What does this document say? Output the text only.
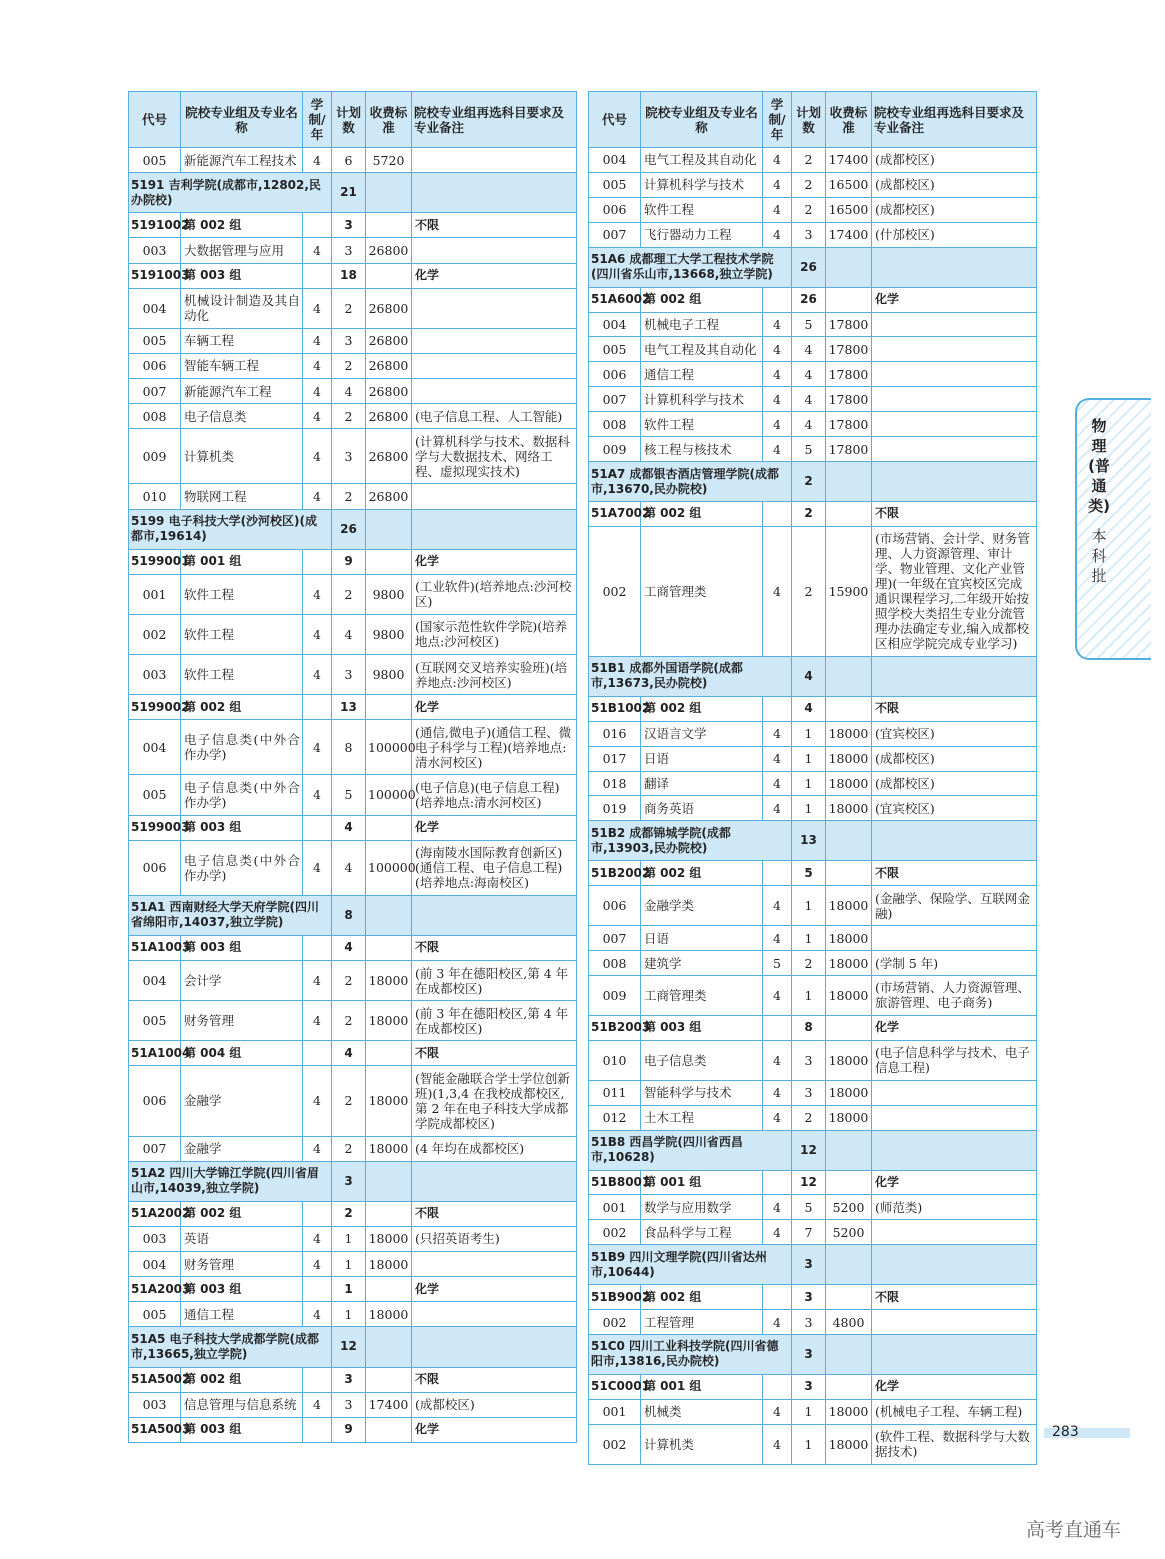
代号	院校专业组及专业名称	学制/年	计划数	收费标准	院校专业组再选科目要求及专业备注
005	新能源汽车工程技术	4	6	5720	
5191 吉利学院(成都市,12802,民办院校)			21		
5191002	第 002 组		3		不限
003	大数据管理与应用	4	3	26800	
5191003	第 003 组		18		化学
004	机械设计制造及其自动化	4	2	26800	
005	车辆工程	4	3	26800	
006	智能车辆工程	4	2	26800	
007	新能源汽车工程	4	4	26800	
008	电子信息类	4	2	26800	(电子信息工程、人工智能)
009	计算机类	4	3	26800	(计算机科学与技术、数据科学与大数据技术、网络工程、虚拟现实技术)
010	物联网工程	4	2	26800	
5199 电子科技大学(沙河校区)(成都市,19614)			26		
5199001	第 001 组		9		化学
001	软件工程	4	2	9800	(工业软件)(培养地点:沙河校区)
002	软件工程	4	4	9800	(国家示范性软件学院)(培养地点:沙河校区)
003	软件工程	4	3	9800	(互联网交叉培养实验班)(培养地点:沙河校区)
5199002	第 002 组		13		化学
004	电子信息类(中外合作办学)	4	8	100000	(通信,微电子)(通信工程、微电子科学与工程)(培养地点:清水河校区)
005	电子信息类(中外合作办学)	4	5	100000	(电子信息)(电子信息工程)(培养地点:清水河校区)
5199003	第 003 组		4		化学
006	电子信息类(中外合作办学)	4	4	100000	(海南陵水国际教育创新区)(通信工程、电子信息工程)(培养地点:海南校区)
51A1 西南财经大学天府学院(四川省绵阳市,14037,独立学院)			8		
51A1003	第 003 组		4		不限
004	会计学	4	2	18000	(前 3 年在德阳校区,第 4 年在成都校区)
005	财务管理	4	2	18000	(前 3 年在德阳校区,第 4 年在成都校区)
51A1004	第 004 组		4		不限
006	金融学	4	2	18000	(智能金融联合学士学位创新班)(1,3,4 在我校成都校区,第 2 年在电子科技大学成都学院成都校区)
007	金融学	4	2	18000	(4 年均在成都校区)
51A2 四川大学锦江学院(四川省眉山市,14039,独立学院)			3		
51A2002	第 002 组		2		不限
003	英语	4	1	18000	(只招英语考生)
004	财务管理	4	1	18000	
51A2003	第 003 组		1		化学
005	通信工程	4	1	18000	
51A5 电子科技大学成都学院(成都市,13665,独立学院)			12		
51A5002	第 002 组		3		不限
003	信息管理与信息系统	4	3	17400	(成都校区)
51A5003	第 003 组		9		化学
代号	院校专业组及专业名称	学制/年	计划数	收费标准	院校专业组再选科目要求及专业备注
004	电气工程及其自动化	4	2	17400	(成都校区)
005	计算机科学与技术	4	2	16500	(成都校区)
006	软件工程	4	2	16500	(成都校区)
007	飞行器动力工程	4	3	17400	(什邡校区)
51A6 成都理工大学工程技术学院(四川省乐山市,13668,独立学院)			26		
51A6002	第 002 组		26		化学
004	机械电子工程	4	5	17800	
005	电气工程及其自动化	4	4	17800	
006	通信工程	4	4	17800	
007	计算机科学与技术	4	4	17800	
008	软件工程	4	4	17800	
009	核工程与核技术	4	5	17800	
51A7 成都银杏酒店管理学院(成都市,13670,民办院校)			2		
51A7002	第 002 组		2		不限
002	工商管理类	4	2	15900	(市场营销、会计学、财务管理、人力资源管理、审计学、物业管理、文化产业管理)(一年级在宜宾校区完成通识课程学习,二年级开始按照学校大类招生专业分流管理办法确定专业,编入成都校区相应学院完成专业学习)
51B1 成都外国语学院(成都市,13673,民办院校)			4		
51B1002	第 002 组		4		不限
016	汉语言文学	4	1	18000	(宜宾校区)
017	日语	4	1	18000	(成都校区)
018	翻译	4	1	18000	(成都校区)
019	商务英语	4	1	18000	(宜宾校区)
51B2 成都锦城学院(成都市,13903,民办院校)			13		
51B2002	第 002 组		5		不限
006	金融学类	4	1	18000	(金融学、保险学、互联网金融)
007	日语	4	1	18000	
008	建筑学	5	2	18000	(学制 5 年)
009	工商管理类	4	1	18000	(市场营销、人力资源管理、旅游管理、电子商务)
51B2003	第 003 组		8		化学
010	电子信息类	4	3	18000	(电子信息科学与技术、电子信息工程)
011	智能科学与技术	4	3	18000	
012	土木工程	4	2	18000	
51B8 西昌学院(四川省西昌市,10628)			12		
51B8001	第 001 组		12		化学
001	数学与应用数学	4	5	5200	(师范类)
002	食品科学与工程	4	7	5200	
51B9 四川文理学院(四川省达州市,10644)			3		
51B9002	第 002 组		3		不限
002	工程管理	4	3	4800	
51C0 四川工业科技学院(四川省德阳市,13816,民办院校)			3		
51C0001	第 001 组		3		化学
001	机械类	4	1	18000	(机械电子工程、车辆工程)
002	计算机类	4	1	18000	(软件工程、数据科学与大数据技术)
物理(普通类)
本科批
283
高考直通车
